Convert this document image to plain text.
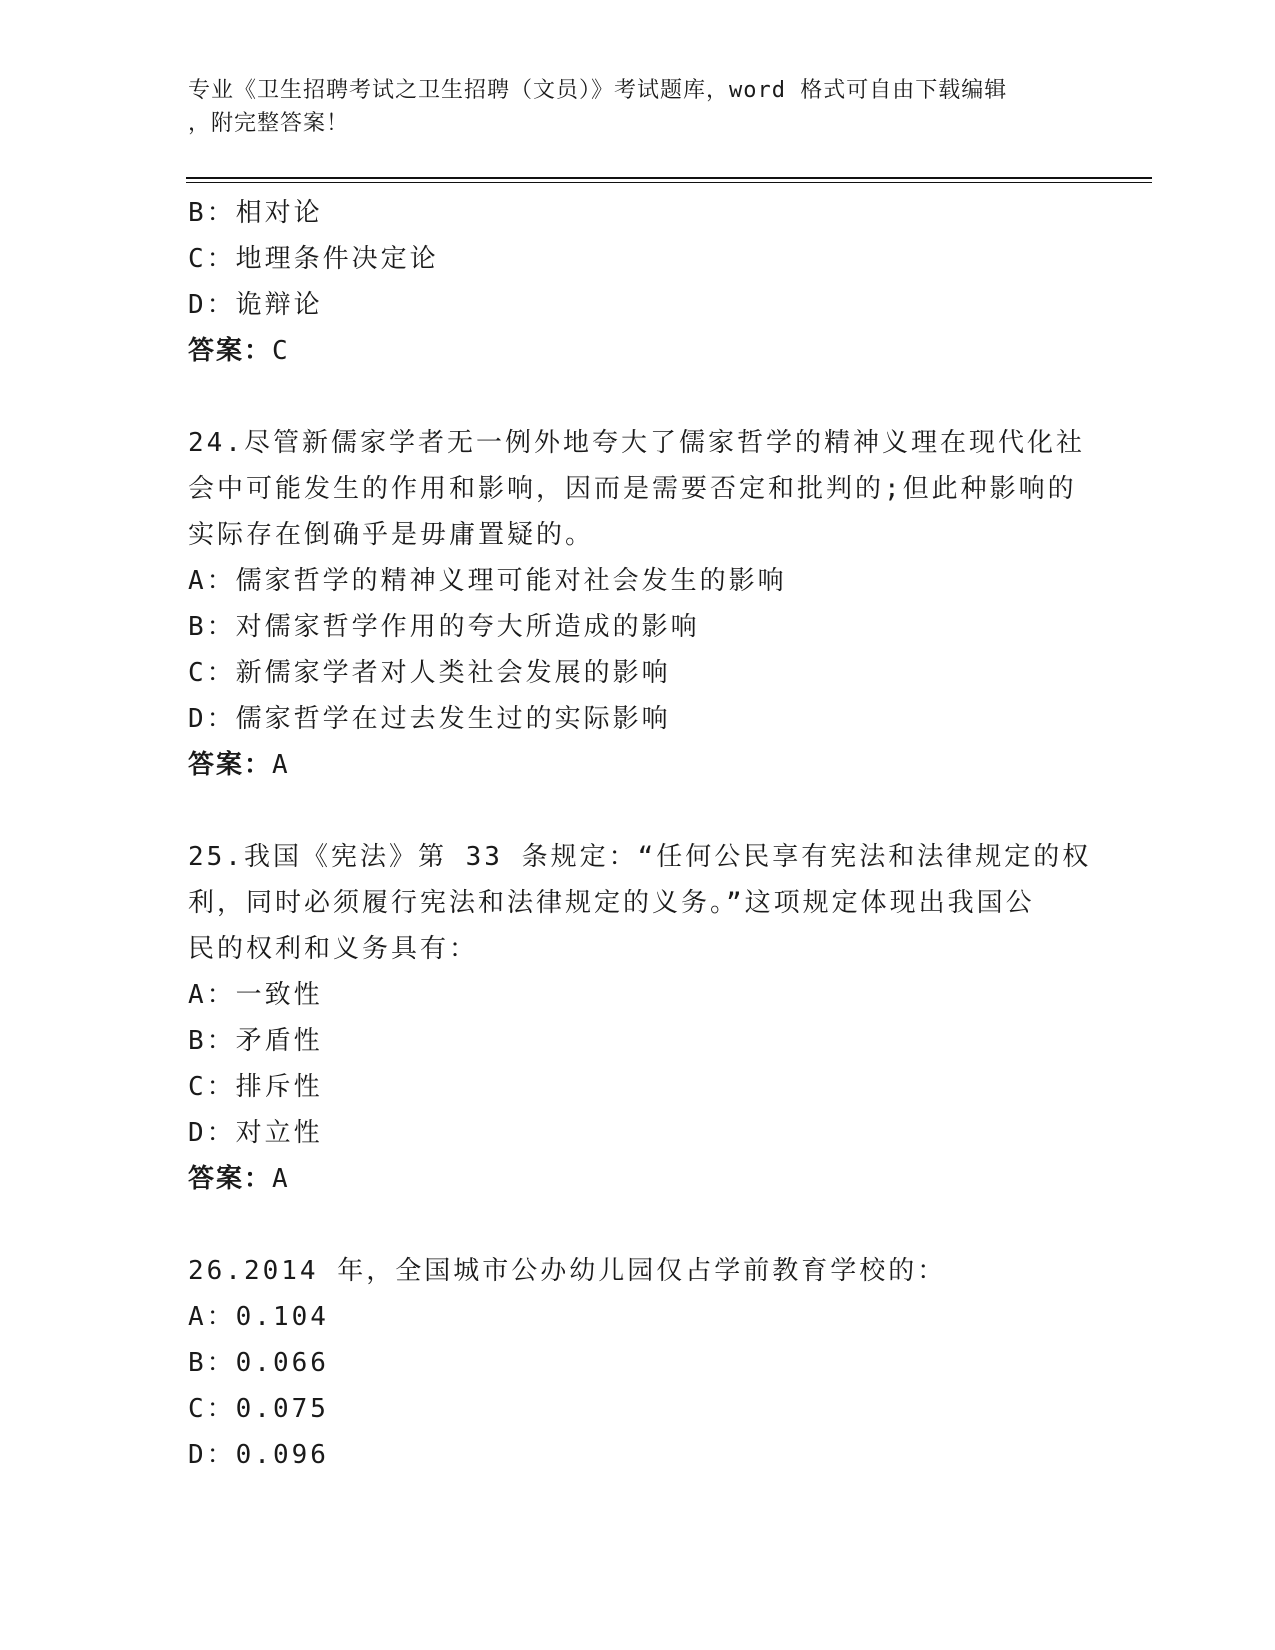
专业《卫生招聘考试之卫生招聘（文员）》考试题库，word 格式可自由下载编辑
，附完整答案！
B：相对论
C：地理条件决定论
D：诡辩论
答案：C
24.尽管新儒家学者无一例外地夸大了儒家哲学的精神义理在现代化社
会中可能发生的作用和影响，因而是需要否定和批判的;但此种影响的
实际存在倒确乎是毋庸置疑的。
A：儒家哲学的精神义理可能对社会发生的影响
B：对儒家哲学作用的夸大所造成的影响
C：新儒家学者对人类社会发展的影响
D：儒家哲学在过去发生过的实际影响
答案：A
25.我国《宪法》第 33 条规定：“任何公民享有宪法和法律规定的权
利，同时必须履行宪法和法律规定的义务。”这项规定体现出我国公
民的权利和义务具有：
A：一致性
B：矛盾性
C：排斥性
D：对立性
答案：A
26.2014 年，全国城市公办幼儿园仅占学前教育学校的：
A：0.104
B：0.066
C：0.075
D：0.096
